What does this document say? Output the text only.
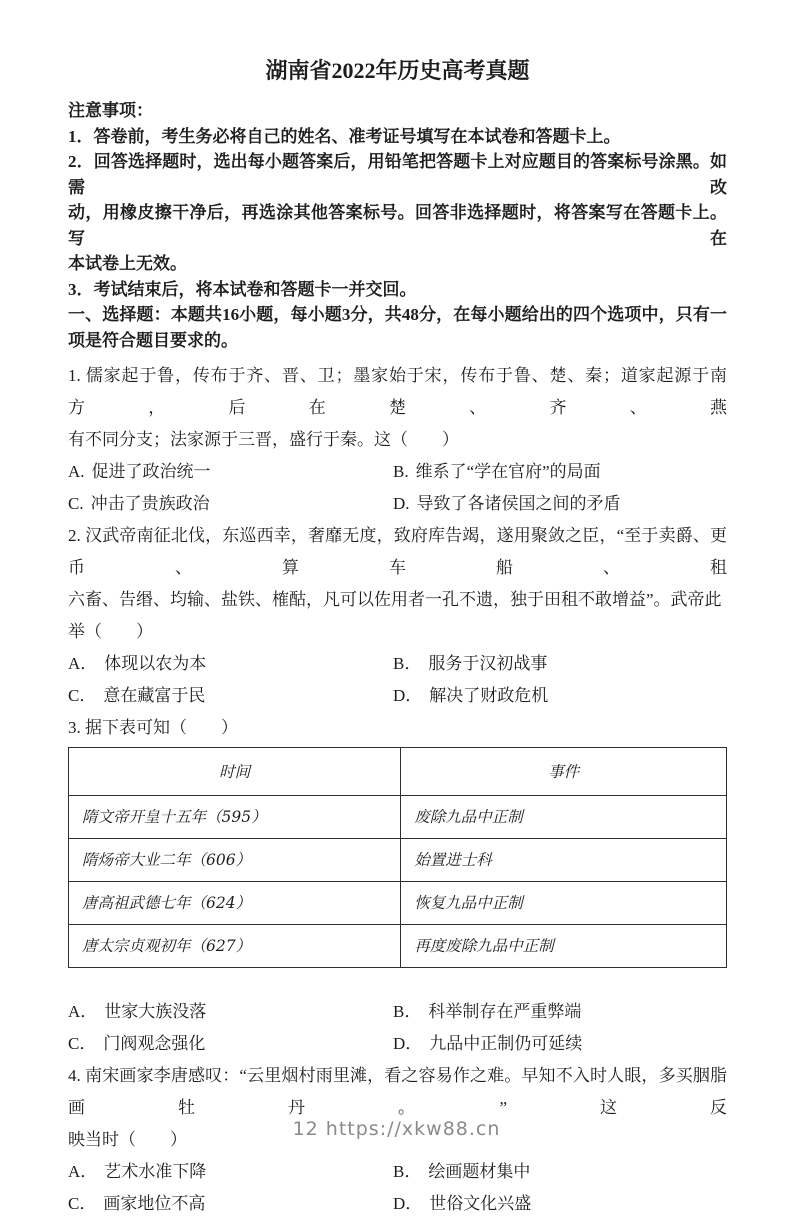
湖南省2022年历史高考真题
注意事项：
1．答卷前，考生务必将自己的姓名、准考证号填写在本试卷和答题卡上。
2．回答选择题时，选出每小题答案后，用铅笔把答题卡上对应题目的答案标号涂黑。如需改
动，用橡皮擦干净后，再选涂其他答案标号。回答非选择题时，将答案写在答题卡上。写在
本试卷上无效。
3．考试结束后，将本试卷和答题卡一并交回。
一、选择题：本题共16小题，每小题3分，共48分，在每小题给出的四个选项中，只有一
项是符合题目要求的。
1. 儒家起于鲁，传布于齐、晋、卫；墨家始于宋，传布于鲁、楚、秦；道家起源于南方，后在楚、齐、燕
有不同分支；法家源于三晋，盛行于秦。这（　　）
A. 促进了政治统一	B. 维系了“学在官府”的局面
C. 冲击了贵族政治	D. 导致了各诸侯国之间的矛盾
2. 汉武帝南征北伐，东巡西幸，奢靡无度，致府库告竭，遂用聚敛之臣，“至于卖爵、更币、算车船、租
六畜、告缗、均输、盐铁、榷酤，凡可以佐用者一孔不遗，独于田租不敢增益”。武帝此举（　　）
A． 体现以农为本	B． 服务于汉初战事
C． 意在藏富于民	D． 解决了财政危机
3. 据下表可知（　　）
时间	事件
隋文帝开皇十五年（595）	废除九品中正制
隋炀帝大业二年（606）	始置进士科
唐高祖武德七年（624）	恢复九品中正制
唐太宗贞观初年（627）	再度废除九品中正制
A． 世家大族没落	B． 科举制存在严重弊端
C． 门阀观念强化	D． 九品中正制仍可延续
4. 南宋画家李唐感叹：“云里烟村雨里滩，看之容易作之难。早知不入时人眼，多买胭脂画牡丹。”这反
映当时（　　）
A． 艺术水准下降	B． 绘画题材集中
C． 画家地位不高	D． 世俗文化兴盛
12 https://xkw88.cn
